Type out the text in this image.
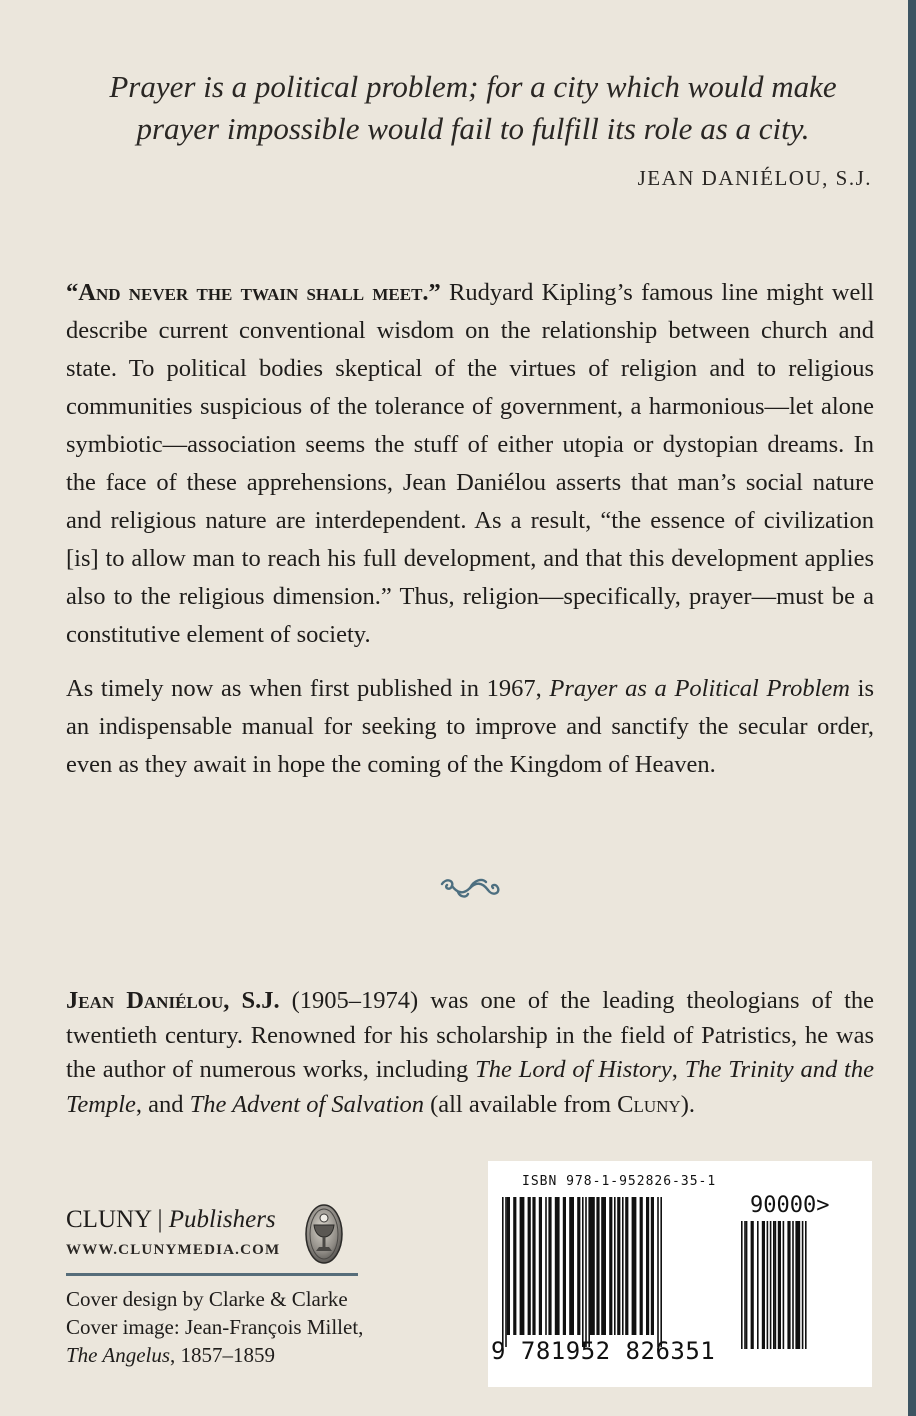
Prayer is a political problem; for a city which would make
prayer impossible would fail to fulfill its role as a city.
JEAN DANIÉLOU, S.J.

“And never the twain shall meet.” Rudyard Kipling’s famous line might well describe current conventional wisdom on the relationship between church and state. To political bodies skeptical of the virtues of religion and to religious communities suspicious of the tolerance of government, a harmonious—let alone symbiotic—association seems the stuff of either utopia or dystopian dreams. In the face of these apprehensions, Jean Daniélou asserts that man’s social nature and religious nature are interdependent. As a result, “the essence of civilization [is] to allow man to reach his full development, and that this development applies also to the religious dimension.” Thus, religion—specifically, prayer—must be a constitutive element of society.

As timely now as when first published in 1967, Prayer as a Political Problem is an indispensable manual for seeking to improve and sanctify the secular order, even as they await in hope the coming of the Kingdom of Heaven.

Jean Daniélou, S.J. (1905–1974) was one of the leading theologians of the twentieth century. Renowned for his scholarship in the field of Patristics, he was the author of numerous works, including The Lord of History, The Trinity and the Temple, and The Advent of Salvation (all available from Cluny).
CLUNY | Publishers
WWW.CLUNYMEDIA.COM
Cover design by Clarke & Clarke
Cover image: Jean-François Millet,
The Angelus, 1857–1859
ISBN 978-1-952826-35-1
90000>
9 781952 826351
